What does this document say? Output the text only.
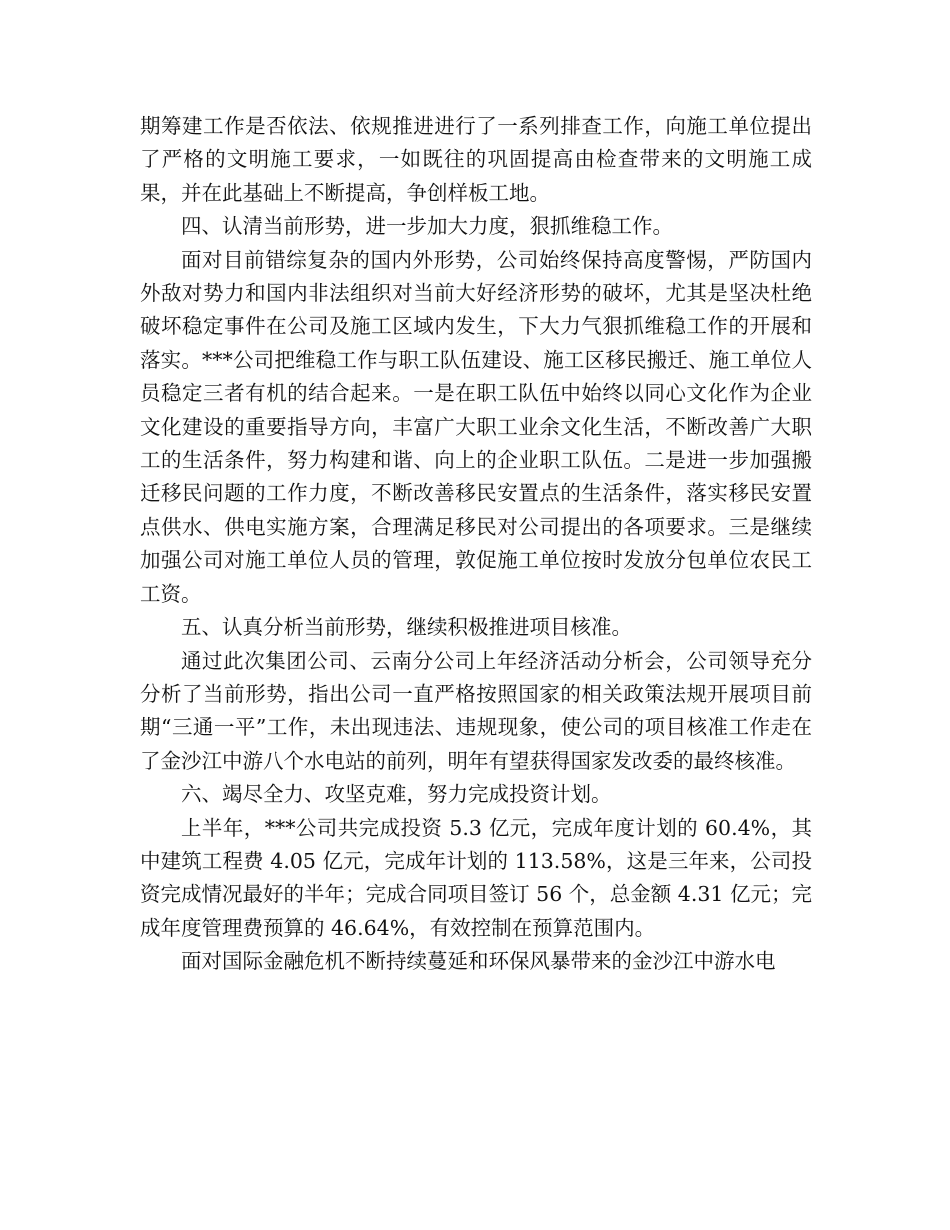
期筹建工作是否依法、依规推进进行了一系列排查工作，向施工单位提出了严格的文明施工要求，一如既往的巩固提高由检查带来的文明施工成果，并在此基础上不断提高，争创样板工地。

四、认清当前形势，进一步加大力度，狠抓维稳工作。

面对目前错综复杂的国内外形势，公司始终保持高度警惕，严防国内外敌对势力和国内非法组织对当前大好经济形势的破坏，尤其是坚决杜绝破坏稳定事件在公司及施工区域内发生，下大力气狠抓维稳工作的开展和落实。***公司把维稳工作与职工队伍建设、施工区移民搬迁、施工单位人员稳定三者有机的结合起来。一是在职工队伍中始终以同心文化作为企业文化建设的重要指导方向，丰富广大职工业余文化生活，不断改善广大职工的生活条件，努力构建和谐、向上的企业职工队伍。二是进一步加强搬迁移民问题的工作力度，不断改善移民安置点的生活条件，落实移民安置点供水、供电实施方案，合理满足移民对公司提出的各项要求。三是继续加强公司对施工单位人员的管理，敦促施工单位按时发放分包单位农民工工资。

五、认真分析当前形势，继续积极推进项目核准。

通过此次集团公司、云南分公司上年经济活动分析会，公司领导充分分析了当前形势，指出公司一直严格按照国家的相关政策法规开展项目前期“三通一平”工作，未出现违法、违规现象，使公司的项目核准工作走在了金沙江中游八个水电站的前列，明年有望获得国家发改委的最终核准。

六、竭尽全力、攻坚克难，努力完成投资计划。

上半年，***公司共完成投资 5.3 亿元，完成年度计划的 60.4%，其中建筑工程费 4.05 亿元，完成年计划的 113.58%，这是三年来，公司投资完成情况最好的半年；完成合同项目签订 56 个，总金额 4.31 亿元；完成年度管理费预算的 46.64%，有效控制在预算范围内。

面对国际金融危机不断持续蔓延和环保风暴带来的金沙江中游水电
